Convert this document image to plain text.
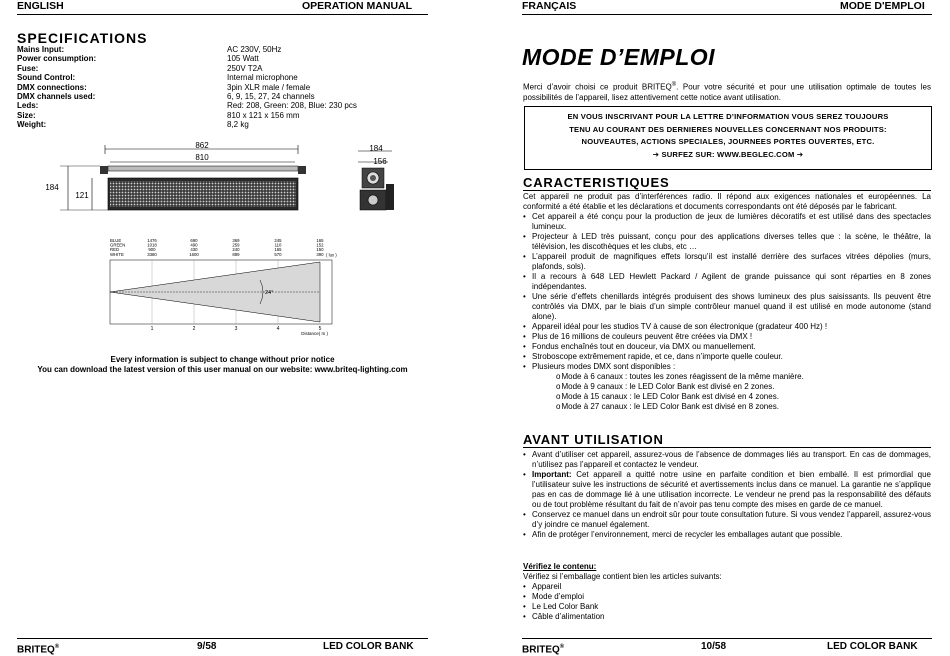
ENGLISH	OPERATION MANUAL
SPECIFICATIONS
Mains Input:	AC 230V, 50Hz
Power consumption:	105 Watt
Fuse:	250V T2A
Sound Control:	Internal microphone
DMX connections:	3pin XLR male / female
DMX channels used:	6, 9, 15, 27, 24 channels
Leds:	Red: 208, Green: 208, Blue: 230 pcs
Size:	810 x 121 x 156 mm
Weight:	8,2 kg
862
810
184
121
184
156
BLUE	1476	690	369	245	165
GREEN	1018	490	259	110	152
RED	900	430	240	165	150
WHITE	3380	1600	889	570	390 ( lux )
24°
1	2	3	4	5
Distance( m )
Every information is subject to change without prior notice
You can download the latest version of this user manual on our website: www.briteq-lighting.com
BRITEQ®	9/58	LED COLOR BANK
FRANÇAIS	MODE D'EMPLOI
MODE D’EMPLOI
Merci d’avoir choisi ce produit BRITEQ®. Pour votre sécurité et pour une utilisation optimale de toutes les possibilités de l’appareil, lisez attentivement cette notice avant utilisation.
EN VOUS INSCRIVANT POUR LA LETTRE D’INFORMATION VOUS SEREZ TOUJOURS
TENU AU COURANT DES DERNIERES NOUVELLES CONCERNANT NOS PRODUITS:
NOUVEAUTES, ACTIONS SPECIALES, JOURNEES PORTES OUVERTES, ETC.
➔ SURFEZ SUR: WWW.BEGLEC.COM ➔
CARACTERISTIQUES
Cet appareil ne produit pas d’interférences radio. Il répond aux exigences nationales et européennes. La conformité a été établie et les déclarations et documents correspondants ont été déposés par le fabricant.
• Cet appareil a été conçu pour la production de jeux de lumières décoratifs et est utilisé dans des spectacles lumineux.
• Projecteur à LED très puissant, conçu pour des applications diverses telles que : la scène, le théâtre, la télévision, les discothèques et les clubs, etc …
• L’appareil produit de magnifiques effets lorsqu’il est installé derrière des surfaces vitrées dépolies (murs, plafonds, sols).
• Il a recours à 648 LED Hewlett Packard / Agilent de grande puissance qui sont réparties en 8 zones indépendantes.
• Une série d’effets chenillards intégrés produisent des shows lumineux des plus saisissants. Ils peuvent être contrôlés via DMX, par le biais d’un simple contrôleur manuel quand il est utilisé en mode autonome (stand alone).
• Appareil idéal pour les studios TV à cause de son électronique (gradateur 400 Hz) !
• Plus de 16 millions de couleurs peuvent être créées via DMX !
• Fondus enchaînés tout en douceur, via DMX ou manuellement.
• Stroboscope extrêmement rapide, et ce, dans n’importe quelle couleur.
• Plusieurs modes DMX sont disponibles :
oMode à 6 canaux : toutes les zones réagissent de la même manière.
oMode à 9 canaux : le LED Color Bank est divisé en 2 zones.
oMode à 15 canaux : le LED Color Bank est divisé en 4 zones.
oMode à 27 canaux : le LED Color Bank est divisé en 8 zones.
AVANT UTILISATION
• Avant d’utiliser cet appareil, assurez-vous de l’absence de dommages liés au transport. En cas de dommages, n’utilisez pas l’appareil et contactez le vendeur.
• Important: Cet appareil a quitté notre usine en parfaite condition et bien emballé. Il est primordial que l’utilisateur suive les instructions de sécurité et avertissements inclus dans ce manuel. La garantie ne s’applique pas en cas de dommage lié à une utilisation incorrecte. Le vendeur ne prend pas la responsabilité des défauts ou de tout problème résultant du fait de n’avoir pas tenu compte des mises en garde de ce manuel.
• Conservez ce manuel dans un endroit sûr pour toute consultation future. Si vous vendez l’appareil, assurez-vous d’y joindre ce manuel également.
• Afin de protéger l’environnement, merci de recycler les emballages autant que possible.
Vérifiez le contenu:
Vérifiez si l’emballage contient bien les articles suivants:
• Appareil
• Mode d’emploi
• Le Led Color Bank
• Câble d’alimentation
BRITEQ®	10/58	LED COLOR BANK
